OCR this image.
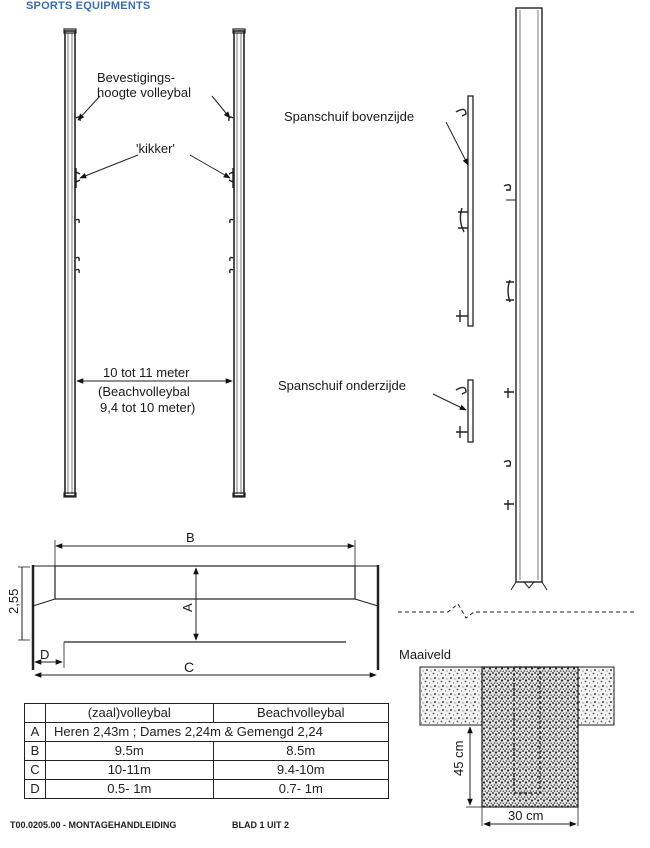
SPORTS EQUIPMENTS
Bevestigings-
hoogte volleybal
'kikker'
10 tot 11 meter
(Beachvolleybal
9,4 tot 10 meter)
Spanschuif bovenzijde
Spanschuif onderzijde
B
A
C
D
2,55
Maaiveld
45 cm
30 cm
	(zaal)volleybal	Beachvolleybal
A	Heren 2,43m ; Dames 2,24m & Gemengd 2,24	
B	9.5m	8.5m
C	10-11m	9.4-10m
D	0.5- 1m	0.7- 1m
T00.0205.00 - MONTAGEHANDLEIDING	BLAD 1 UIT 2
